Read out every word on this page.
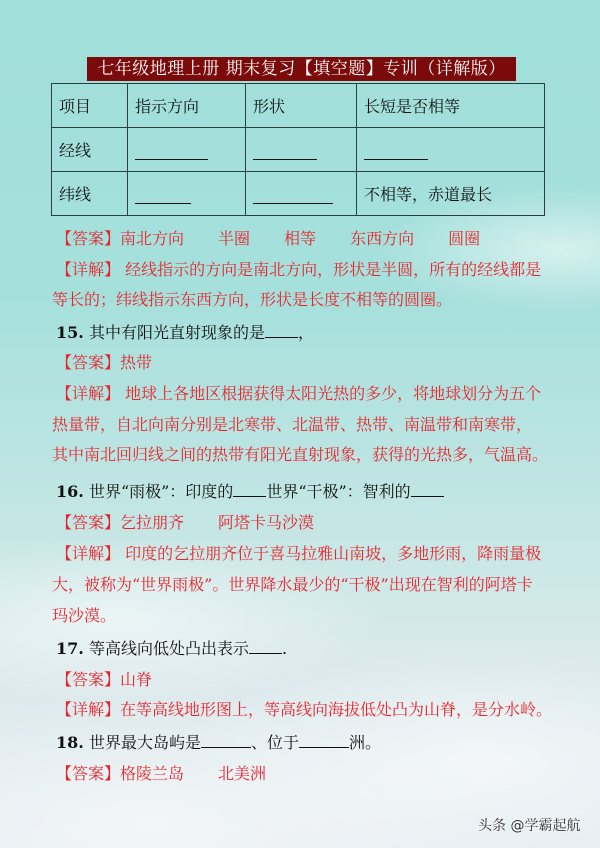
七年级地理上册 期末复习【填空题】专训（详解版）
项目	指示方向	形状	长短是否相等
经线			
纬线			不相等，赤道最长
【答案】南北方向 半圈 相等 东西方向 圆圈
【详解】 经线指示的方向是南北方向，形状是半圆，所有的经线都是
等长的；纬线指示东西方向，形状是长度不相等的圆圈。
15. 其中有阳光直射现象的是 ，
【答案】热带
【详解】 地球上各地区根据获得太阳光热的多少，将地球划分为五个
热量带，自北向南分别是北寒带、北温带、热带、南温带和南寒带，
其中南北回归线之间的热带有阳光直射现象，获得的光热多，气温高。
16. 世界“雨极”：印度的 世界“干极”：智利的
【答案】乞拉朋齐 阿塔卡马沙漠
【详解】 印度的乞拉朋齐位于喜马拉雅山南坡，多地形雨，降雨量极
大，被称为“世界雨极”。世界降水最少的“干极”出现在智利的阿塔卡
玛沙漠。
17. 等高线向低处凸出表示 .
【答案】山脊
【详解】在等高线地形图上，等高线向海拔低处凸为山脊，是分水岭。
18. 世界最大岛屿是	、位于	洲。
【答案】格陵兰岛 北美洲
头条 @学霸起航
